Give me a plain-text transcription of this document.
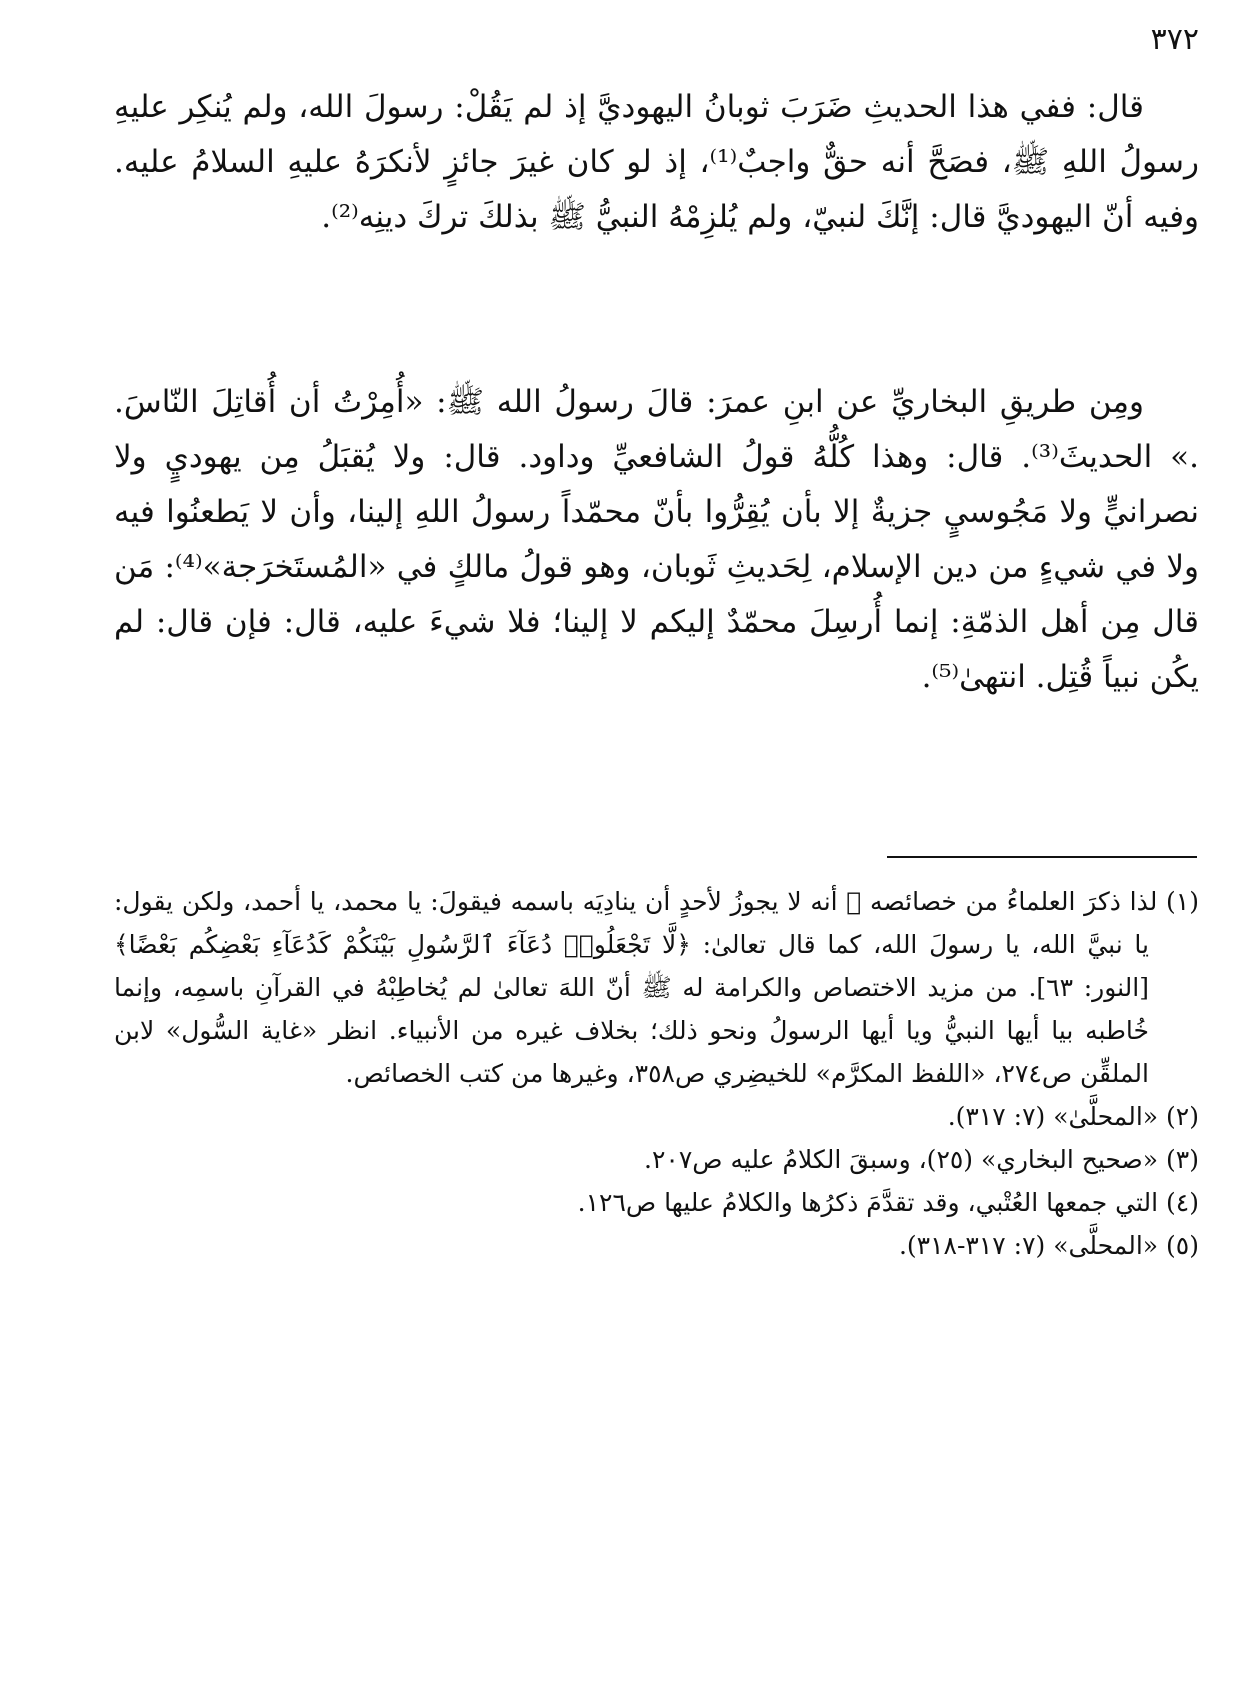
٣٧٢

قال: ففي هذا الحديثِ ضَرَبَ ثوبانُ اليهوديَّ إذ لم يَقُلْ: رسولَ الله، ولم يُنكِر عليهِ رسولُ اللهِ ﷺ، فصَحَّ أنه حقٌّ واجبٌ⁽¹⁾، إذ لو كان غيرَ جائزٍ لأنكرَهُ عليهِ السلامُ عليه. وفيه أنّ اليهوديَّ قال: إنَّكَ لنبيّ، ولم يُلزِمْهُ النبيُّ ﷺ بذلكَ تركَ دينِه⁽²⁾.

ومِن طريقِ البخاريِّ عن ابنِ عمرَ: قالَ رسولُ الله ﷺ: «أُمِرْتُ أن أُقاتِلَ النّاسَ. .» الحديثَ⁽³⁾. قال: وهذا كُلُّهُ قولُ الشافعيِّ وداود. قال: ولا يُقبَلُ مِن يهوديٍ ولا نصرانيٍّ ولا مَجُوسيٍ جزيةٌ إلا بأن يُقِرُّوا بأنّ محمّداً رسولُ اللهِ إلينا، وأن لا يَطعنُوا فيه ولا في شيءٍ من دين الإسلام، لِحَديثِ ثَوبان، وهو قولُ مالكٍ في «المُستَخرَجة»⁽⁴⁾: مَن قال مِن أهل الذمّةِ: إنما أُرسِلَ محمّدٌ إليكم لا إلينا؛ فلا شيءَ عليه، قال: فإن قال: لم يكُن نبياً قُتِل. انتهىٰ⁽⁵⁾.

(١) لذا ذكرَ العلماءُ من خصائصه ﷺ أنه لا يجوزُ لأحدٍ أن ينادِيَه باسمه فيقولَ: يا محمد، يا أحمد، ولكن يقول: يا نبيَّ الله، يا رسولَ الله، كما قال تعالىٰ: ﴿لَّا تَجْعَلُوا۟ دُعَآءَ ٱلرَّسُولِ بَيْنَكُمْ كَدُعَآءِ بَعْضِكُم بَعْضًا﴾ [النور: ٦٣]. من مزيد الاختصاص والكرامة له ﷺ أنّ اللهَ تعالىٰ لم يُخاطِبْهُ في القرآنِ باسمِه، وإنما خُاطبه بيا أيها النبيُّ ويا أيها الرسولُ ونحو ذلك؛ بخلاف غيره من الأنبياء. انظر «غاية السُّول» لابن الملقِّن ص٢٧٤، «اللفظ المكرَّم» للخيضِري ص٣٥٨، وغيرها من كتب الخصائص.
(٢) «المحلَّىٰ» (٧: ٣١٧).
(٣) «صحيح البخاري» (٢٥)، وسبقَ الكلامُ عليه ص٢٠٧.
(٤) التي جمعها العُتْبي، وقد تقدَّمَ ذكرُها والكلامُ عليها ص١٢٦.
(٥) «المحلَّى» (٧: ٣١٧-٣١٨).
